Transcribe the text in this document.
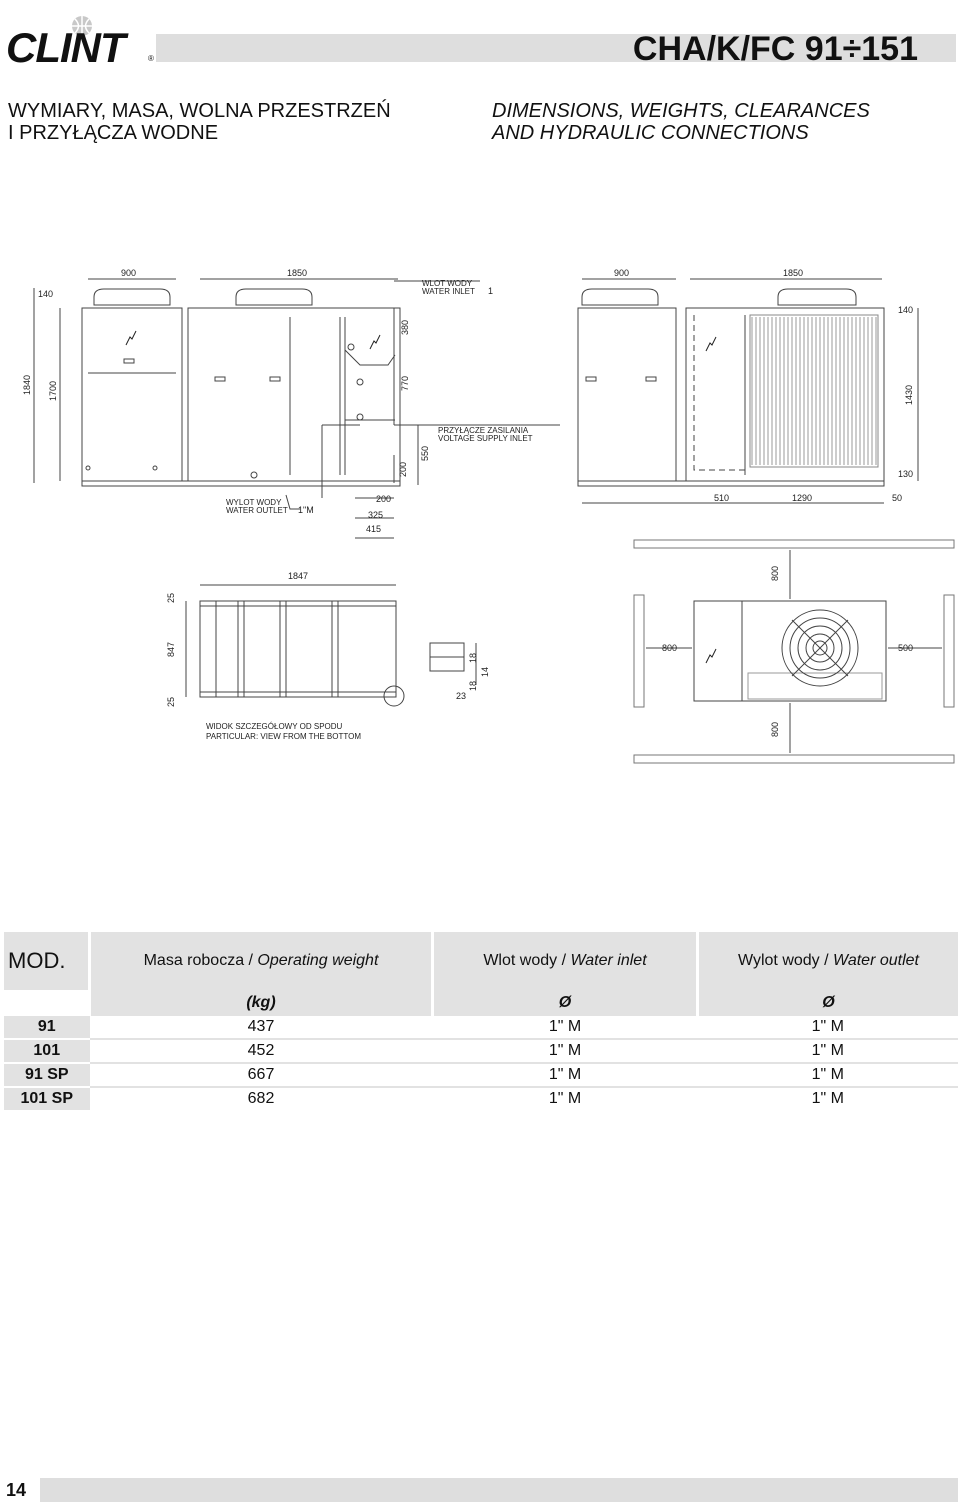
CLINT	®	CHA/K/FC 91÷151
WYMIARY, MASA, WOLNA PRZESTRZEŃ
I PRZYŁĄCZA WODNE
DIMENSIONS, WEIGHTS, CLEARANCES
AND HYDRAULIC CONNECTIONS
140
900	1850
1840 1700
380
770
550
200
200
325
415
WLOT WODY
WATER INLET 1
PRZYŁĄCZE ZASILANIA
VOLTAGE SUPPLY INLET
WYLOT WODY
WATER OUTLET 1"M
900	1850
140
1430
130
510	1290	50
1847
25
847
25
18
18
14
23
WIDOK SZCZEGÓŁOWY OD SPODU
PARTICULAR: VIEW FROM THE BOTTOM
800
800	500
800
MOD.	Masa robocza / Operating weight	Wlot wody / Water inlet	Wylot wody / Water outlet
	(kg)	Ø	Ø
91	437	1" M	1" M
101	452	1" M	1" M
91 SP	667	1" M	1" M
101 SP	682	1" M	1" M
14
